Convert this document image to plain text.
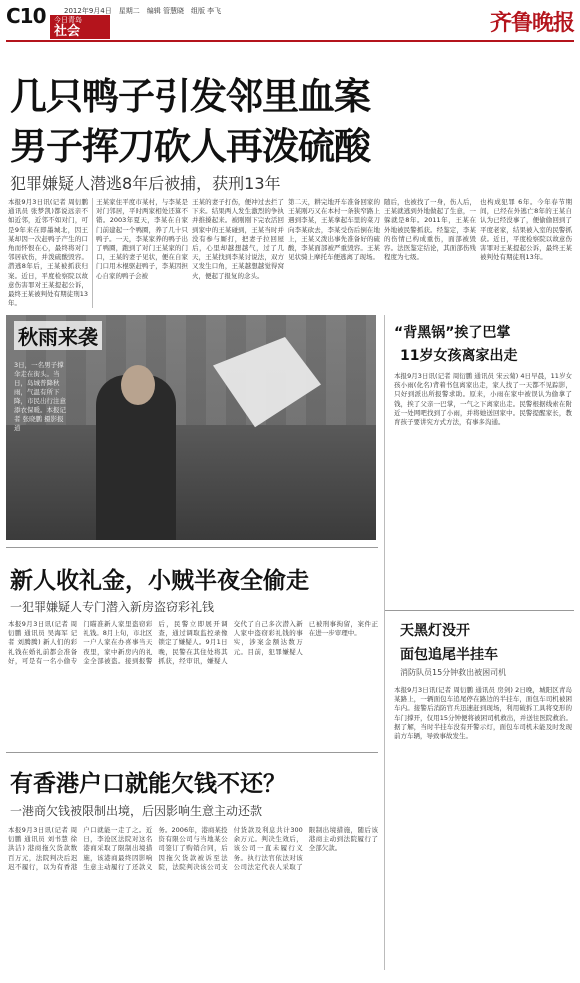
C10	2012年9月4日　星期二　编辑 管慧晓　组版 李飞
今日青岛
社会	齐鲁晚报
几只鸭子引发邻里血案
男子挥刀砍人再泼硫酸
犯罪嫌疑人潜逃8年后被捕，获刑13年
本报9月3日讯(记者 周衍鹏 通讯员 张梦凯)都说远亲不如近邻，近邻不如对门，可是9年来在即墨城北，因王某却因一次赶鸭子产生的口角而怀恨在心，最终将对门邻居砍伤，并泼硫酸毁容。潜逃8年后，王某被抓获归案。近日，平度检察院以故意伤害罪对王某提起公诉，最终王某被判处有期徒刑13年。
王某家住平度市某村，与李某是对门邻居，平时两家相处还算不错。2003年夏天，李某在自家门前建起一个鸭圈，养了几十只鸭子。一天，李某家养的鸭子出了鸭圈，跑到了对门王某家的门口，王某的妻子见状，便在自家门口用木棍驱赶鸭子，李某因担心自家的鸭子会被
王某的妻子打伤，便冲过去拦了下来。结果两人发生激烈的争执并推搡起来。被刚刚下完农活回到家中的王某碰到，王某当时并没有参与厮打，把妻子拉回屋后，心里却越想越气，过了几天，王某找到李某讨说法，双方又发生口角，王某越想越觉得窝火，便起了报复的念头。
第二天，耕完地开车准备回家的王某刚巧又在本村一条狭窄路上遇到李某，王某拿起车里的菜刀向李某砍去，李某受伤后倒在地上，王某又泼出事先准备好的硫酸，李某面部被严重毁容。王某见状骑上摩托车便逃离了现场。
随后，也被找了一身，伤人后，王某就逃到外地做起了生意，一躲就是8年。2011年，王某在外地被民警抓获。经鉴定，李某的伤情已构成重伤，面部被毁容。法医鉴定结论，其面部伤残程度为七级。
也构成犯罪 6年。今年春节期间，已经在外逃亡8年的王某自认为已经没事了，便偷偷回到了平度老家，结果被入室的民警抓获。近日，平度检察院以故意伤害罪对王某提起公诉，最终王某被判处有期徒刑13年。
秋雨来袭
3日，一名男子撑伞走在街头。当日，岛城普降秋雨，气温有所下降，市民出行注意添衣保暖。本报记者 张晓鹏 摄影报道
“背黑锅”挨了巴掌
11岁女孩离家出走
本报9月3日讯(记者 周衍鹏 通讯员 宋云菊) 4日早晨，11岁女孩小雨(化名)背着书包离家出走，家人找了一天都不见踪影，只好到派出所报警求助。原来，小雨在家中被误认为偷拿了钱，挨了父亲一巴掌，一气之下离家出走。民警根据线索在附近一处网吧找到了小雨，并将她送回家中。民警提醒家长，教育孩子要讲究方式方法，有事多沟通。
天黑灯没开
面包追尾半挂车
消防队员15分钟救出被困司机
本报9月3日讯(记者 周衍鹏 通讯员 房剑) 2日晚，城阳区青岛某路上，一辆面包车追尾停在路边的半挂车，面包车司机被困车内。接警后消防官兵迅速赶到现场，利用破拆工具将变形的车门撑开，仅用15分钟便将被困司机救出，并送往医院救治。据了解，当时半挂车没有开警示灯，面包车司机未能及时发现前方车辆，导致事故发生。
新人收礼金，小贼半夜全偷走
一犯罪嫌疑人专门潜入新房盗窃彩礼钱
本报9月3日讯(记者 周衍鹏 通讯员 吴海军 记者 刘腾腾) 新人们的彩礼钱在婚礼前都会准备好，可是有一名小偷专门瞄准新人家里盗窃彩礼钱。8月上旬，市北区一户人家在办喜事当天夜里，家中新房内的礼金全部被盗。接到报警后，民警立即展开调查，通过调取监控录像锁定了嫌疑人。9月1日晚，民警在其住处将其抓获，经审讯，嫌疑人交代了自己多次潜入新人家中盗窃彩礼钱的事实，涉案金额达数万元。目前，犯罪嫌疑人已被刑事拘留，案件正在进一步审理中。
有香港户口就能欠钱不还？
一港商欠钱被限制出境，后因影响生意主动还款
本报9月3日讯(记者 周衍鹏 通讯员 刘书慧 徐洪洁) 港商拖欠货款数百万元，法院判决后迟迟不履行，以为有香港户口就能一走了之。近日，李沧区法院对这名港商采取了限制出境措施，该港商最终因影响生意主动履行了还款义务。2006年，港商某投资有限公司与当地某公司签订了购销合同，后因拖欠货款被诉至法院，法院判决该公司支付货款及利息共计300余万元。判决生效后，该公司一直未履行义务。执行法官依法对该公司法定代表人采取了限制出境措施，随后该港商主动到法院履行了全部欠款。
